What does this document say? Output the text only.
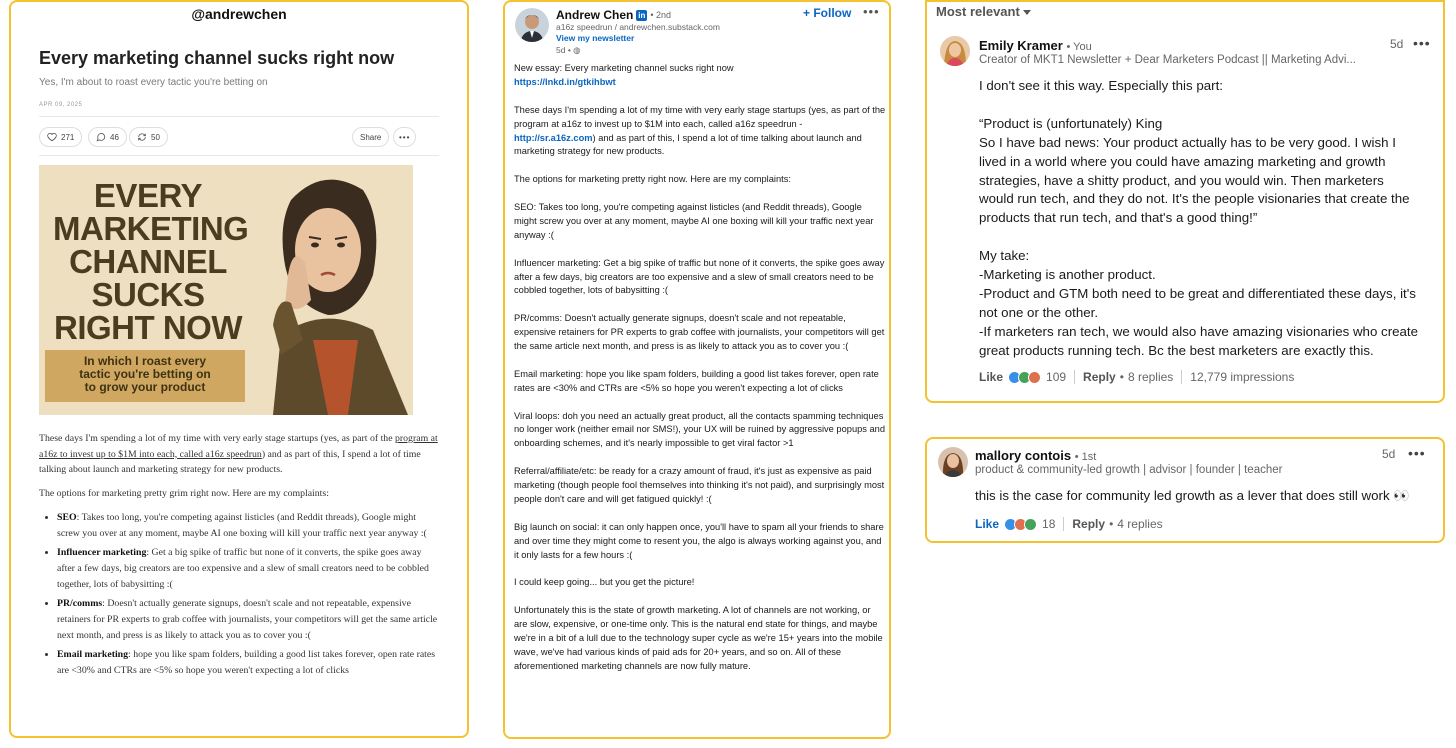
@andrewchen
Every marketing channel sucks right now
Yes, I'm about to roast every tactic you're betting on
APR 09, 2025
271	46	50	Share •••
EVERY
MARKETING
CHANNEL
SUCKS
RIGHT NOW
In which I roast every
tactic you're betting on
to grow your product

These days I'm spending a lot of my time with very early stage startups (yes, as part of the program at a16z to invest up to $1M into each, called a16z speedrun) and as part of this, I spend a lot of time talking about launch and marketing strategy for new products.

The options for marketing pretty grim right now. Here are my complaints:

• SEO: Takes too long, you're competing against listicles (and Reddit threads), Google might screw you over at any moment, maybe AI one boxing will kill your traffic next year anyway :(
• Influencer marketing: Get a big spike of traffic but none of it converts, the spike goes away after a few days, big creators are too expensive and a slew of small creators need to be cobbled together, lots of babysitting :(
• PR/comms: Doesn't actually generate signups, doesn't scale and not repeatable, expensive retainers for PR experts to grab coffee with journalists, your competitors will get the same article next month, and press is as likely to attack you as to cover you :(
• Email marketing: hope you like spam folders, building a good list takes forever, open rate rates are <30% and CTRs are <5% so hope you weren't expecting a lot of clicks
Andrew Chen in • 2nd
a16z speedrun / andrewchen.substack.com
View my newsletter
5d • ◍
+ Follow •••

New essay: Every marketing channel sucks right now
https://lnkd.in/gtkihbwt

These days I'm spending a lot of my time with very early stage startups (yes, as part of the program at a16z to invest up to $1M into each, called a16z speedrun - http://sr.a16z.com) and as part of this, I spend a lot of time talking about launch and marketing strategy for new products.

The options for marketing pretty right now. Here are my complaints:

SEO: Takes too long, you're competing against listicles (and Reddit threads), Google might screw you over at any moment, maybe AI one boxing will kill your traffic next year anyway :(

Influencer marketing: Get a big spike of traffic but none of it converts, the spike goes away after a few days, big creators are too expensive and a slew of small creators need to be cobbled together, lots of babysitting :(

PR/comms: Doesn't actually generate signups, doesn't scale and not repeatable, expensive retainers for PR experts to grab coffee with journalists, your competitors will get the same article next month, and press is as likely to attack you as to cover you :(

Email marketing: hope you like spam folders, building a good list takes forever, open rate rates are <30% and CTRs are <5% so hope you weren't expecting a lot of clicks

Viral loops: doh you need an actually great product, all the contacts spamming techniques no longer work (neither email nor SMS!), your UX will be ruined by aggressive popups and onboarding schemes, and it's nearly impossible to get viral factor >1

Referral/affiliate/etc: be ready for a crazy amount of fraud, it's just as expensive as paid marketing (though people fool themselves into thinking it's not paid), and surprisingly most people don't care and will get fatigued quickly! :(

Big launch on social: it can only happen once, you'll have to spam all your friends to share and over time they might come to resent you, the algo is always working against you, and it only lasts for a few hours :(

I could keep going... but you get the picture!

Unfortunately this is the state of growth marketing. A lot of channels are not working, or are slow, expensive, or one-time only. This is the natural end state for things, and maybe we're in a bit of a lull due to the technology super cycle as we're 15+ years into the mobile wave, we've had various kinds of paid ads for 20+ years, and so on. All of these aforementioned marketing channels are now fully mature.

Emily Kramer • You
Creator of MKT1 Newsletter + Dear Marketers Podcast || Marketing Advi...
5d •••
I don't see it this way. Especially this part:
“Product is (unfortunately) King
So I have bad news: Your product actually has to be very good. I wish I
lived in a world where you could have amazing marketing and growth
strategies, have a shitty product, and you would win. Then marketers
would run tech, and they do not. It's the people visionaries that create the
products that run tech, and that's a good thing!”
My take:
-Marketing is another product.
-Product and GTM both need to be great and differentiated these days, it's
not one or the other.
-If marketers ran tech, we would also have amazing visionaries who create
great products running tech. Bc the best marketers are exactly this.
Like	109 Reply • 8 replies 12,779 impressions
Most relevant
mallory contois • 1st
product & community-led growth | advisor | founder | teacher
5d •••
this is the case for community led growth as a lever that does still work 👀
Like	18 Reply • 4 replies
